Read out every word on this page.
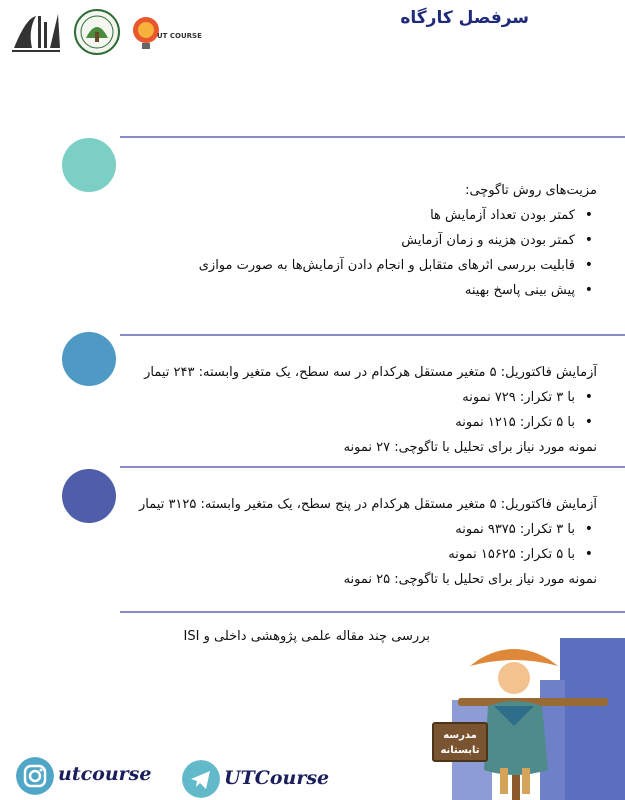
سرفصل کارگاه
UT COURSE
مزیت‌های روش تاگوچی:
• کمتر بودن تعداد آزمایش ها
• کمتر بودن هزینه و زمان آزمایش
• قابلیت بررسی اثرهای متقابل و انجام دادن آزمایش‌ها به صورت موازی
• پیش بینی پاسخ بهینه
آزمایش فاکتوریل: ۵ متغیر مستقل هرکدام در سه سطح، یک متغیر وابسته: ۲۴۳ تیمار
• با ۳ تکرار: ۷۲۹ نمونه
• با ۵ تکرار: ۱۲۱۵ نمونه
نمونه مورد نیاز برای تحلیل با تاگوچی: ۲۷ نمونه
آزمایش فاکتوریل: ۵ متغیر مستقل هرکدام در پنج سطح، یک متغیر وابسته: ۳۱۲۵ تیمار
• با ۳ تکرار: ۹۳۷۵ نمونه
• با ۵ تکرار: ۱۵۶۲۵ نمونه
نمونه مورد نیاز برای تحلیل با تاگوچی: ۲۵ نمونه
بررسی چند مقاله علمی پژوهشی داخلی و ISI
مدرسه تابستانه
utcourse	UTCourse
